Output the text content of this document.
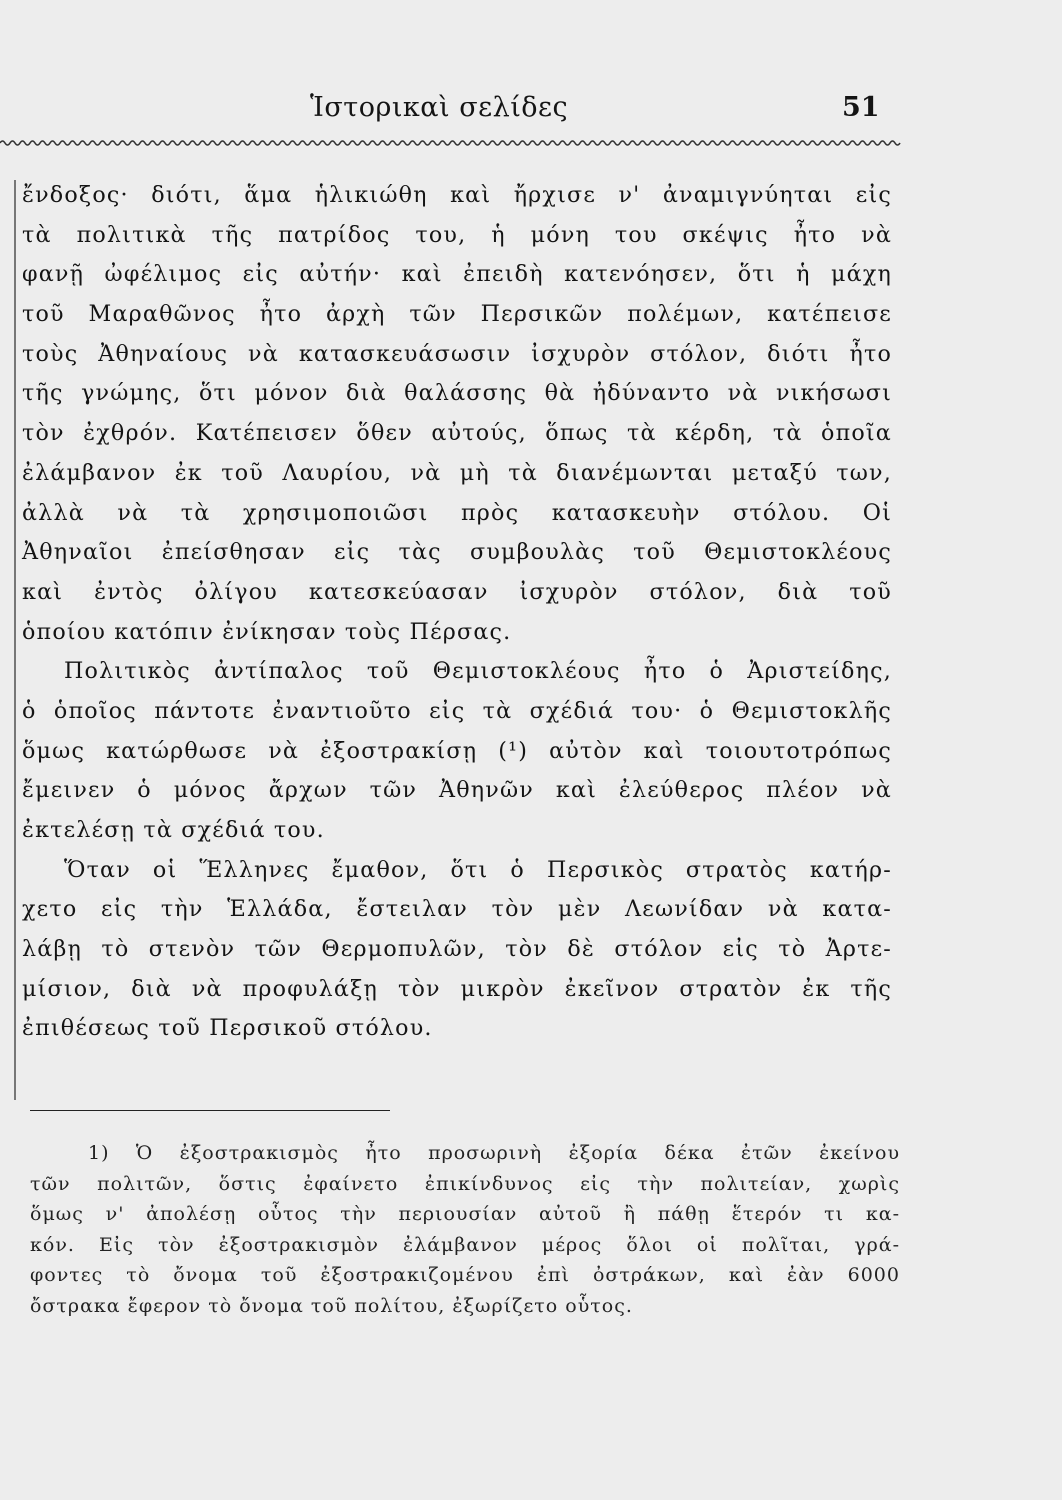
Ἱστορικαὶ σελίδες	51
ἔνδοξος· διότι, ἅμα ἡλικιώθη καὶ ἤρχισε ν' ἀναμιγνύηται εἰς
τὰ πολιτικὰ τῆς πατρίδος του, ἡ μόνη του σκέψις ἦτο νὰ
φανῇ ὠφέλιμος εἰς αὐτήν· καὶ ἐπειδὴ κατενόησεν, ὅτι ἡ μάχη
τοῦ Μαραθῶνος ἦτο ἀρχὴ τῶν Περσικῶν πολέμων, κατέπεισε
τοὺς Ἀθηναίους νὰ κατασκευάσωσιν ἰσχυρὸν στόλον, διότι ἦτο
τῆς γνώμης, ὅτι μόνον διὰ θαλάσσης θὰ ἠδύναντο νὰ νικήσωσι
τὸν ἐχθρόν. Κατέπεισεν ὅθεν αὐτούς, ὅπως τὰ κέρδη, τὰ ὁποῖα
ἐλάμβανον ἐκ τοῦ Λαυρίου, νὰ μὴ τὰ διανέμωνται μεταξύ των,
ἀλλὰ νὰ τὰ χρησιμοποιῶσι πρὸς κατασκευὴν στόλου. Οἱ
Ἀθηναῖοι ἐπείσθησαν εἰς τὰς συμβουλὰς τοῦ Θεμιστοκλέους
καὶ ἐντὸς ὀλίγου κατεσκεύασαν ἰσχυρὸν στόλον, διὰ τοῦ
ὁποίου κατόπιν ἐνίκησαν τοὺς Πέρσας.
Πολιτικὸς ἀντίπαλος τοῦ Θεμιστοκλέους ἦτο ὁ Ἀριστείδης,
ὁ ὁποῖος πάντοτε ἐναντιοῦτο εἰς τὰ σχέδιά του· ὁ Θεμιστοκλῆς
ὅμως κατώρθωσε νὰ ἐξοστρακίσῃ (¹) αὐτὸν καὶ τοιουτοτρόπως
ἔμεινεν ὁ μόνος ἄρχων τῶν Ἀθηνῶν καὶ ἐλεύθερος πλέον νὰ
ἐκτελέσῃ τὰ σχέδιά του.
Ὅταν οἱ Ἕλληνες ἔμαθον, ὅτι ὁ Περσικὸς στρατὸς κατήρ-
χετο εἰς τὴν Ἑλλάδα, ἔστειλαν τὸν μὲν Λεωνίδαν νὰ κατα-
λάβῃ τὸ στενὸν τῶν Θερμοπυλῶν, τὸν δὲ στόλον εἰς τὸ Ἀρτε-
μίσιον, διὰ νὰ προφυλάξῃ τὸν μικρὸν ἐκεῖνον στρατὸν ἐκ τῆς
ἐπιθέσεως τοῦ Περσικοῦ στόλου.
1) Ὁ ἐξοστρακισμὸς ἦτο προσωρινὴ ἐξορία δέκα ἐτῶν ἐκείνου
τῶν πολιτῶν, ὅστις ἐφαίνετο ἐπικίνδυνος εἰς τὴν πολιτείαν, χωρὶς
ὅμως ν' ἀπολέσῃ οὗτος τὴν περιουσίαν αὐτοῦ ἢ πάθῃ ἕτερόν τι κα-
κόν. Εἰς τὸν ἐξοστρακισμὸν ἐλάμβανον μέρος ὅλοι οἱ πολῖται, γρά-
φοντες τὸ ὄνομα τοῦ ἐξοστρακιζομένου ἐπὶ ὀστράκων, καὶ ἐὰν 6000
ὄστρακα ἔφερον τὸ ὄνομα τοῦ πολίτου, ἐξωρίζετο οὗτος.
